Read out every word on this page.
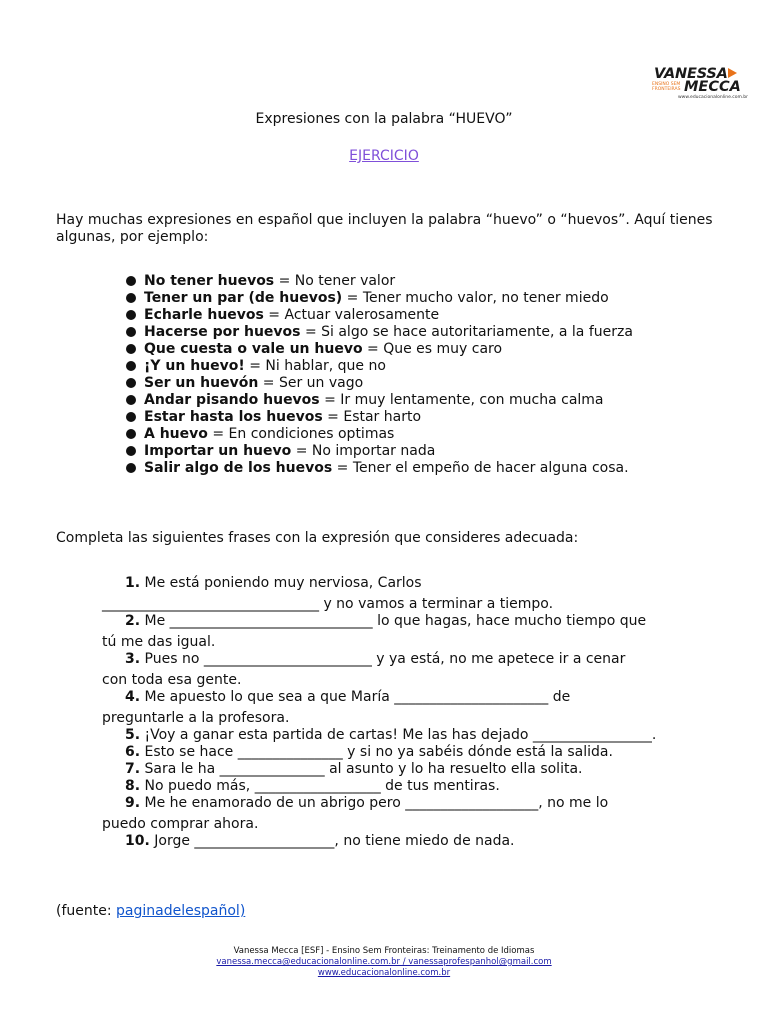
VANESSA
ENSINO SEM FRONTEIRAS MECCA
www.educacionalonline.com.br
Expresiones con la palabra “HUEVO”
EJERCICIO
Hay muchas expresiones en español que incluyen la palabra “huevo” o “huevos”. Aquí tienes algunas, por ejemplo:
No tener huevos = No tener valor
Tener un par (de huevos) = Tener mucho valor, no tener miedo
Echarle huevos = Actuar valerosamente
Hacerse por huevos = Si algo se hace autoritariamente, a la fuerza
Que cuesta o vale un huevo = Que es muy caro
¡Y un huevo! = Ni hablar, que no
Ser un huevón = Ser un vago
Andar pisando huevos = Ir muy lentamente, con mucha calma
Estar hasta los huevos = Estar harto
A huevo = En condiciones optimas
Importar un huevo = No importar nada
Salir algo de los huevos = Tener el empeño de hacer alguna cosa.
Completa las siguientes frases con la expresión que consideres adecuada:
1. Me está poniendo muy nerviosa, Carlos
_______________________________ y no vamos a terminar a tiempo.
2. Me _____________________________ lo que hagas, hace mucho tiempo que
tú me das igual.
3. Pues no ________________________ y ya está, no me apetece ir a cenar
con toda esa gente.
4. Me apuesto lo que sea a que María ______________________ de
preguntarle a la profesora.
5. ¡Voy a ganar esta partida de cartas! Me las has dejado _________________.
6. Esto se hace _______________ y si no ya sabéis dónde está la salida.
7. Sara le ha _______________ al asunto y lo ha resuelto ella solita.
8. No puedo más, __________________ de tus mentiras.
9. Me he enamorado de un abrigo pero ___________________, no me lo
puedo comprar ahora.
10. Jorge ____________________, no tiene miedo de nada.
(fuente: paginadelespañol)
Vanessa Mecca [ESF] - Ensino Sem Fronteiras: Treinamento de Idiomas
vanessa.mecca@educacionalonline.com.br / vanessaprofespanhol@gmail.com
www.educacionalonline.com.br
